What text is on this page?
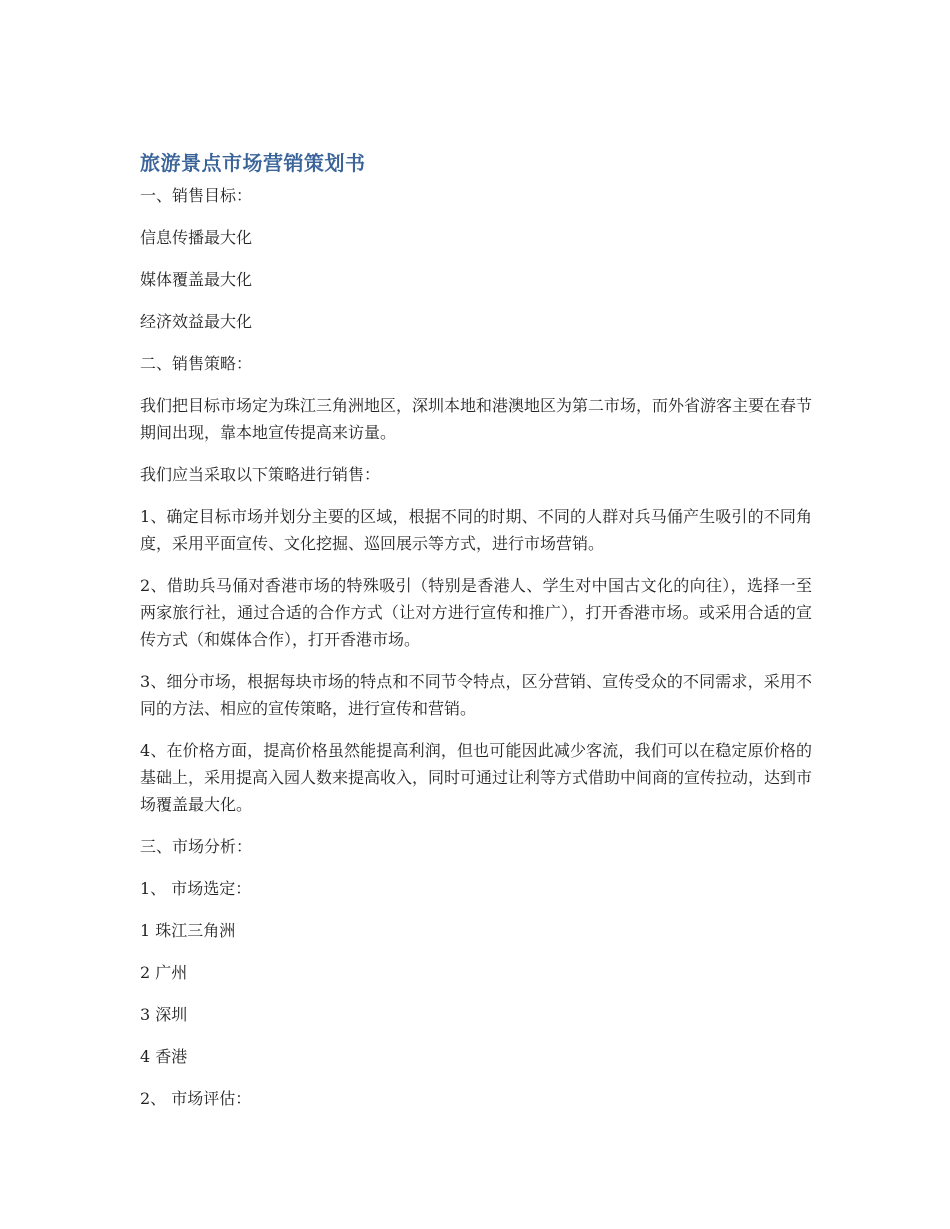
旅游景点市场营销策划书

一、销售目标：

信息传播最大化

媒体覆盖最大化

经济效益最大化

二、销售策略：

我们把目标市场定为珠江三角洲地区，深圳本地和港澳地区为第二市场，而外省游客主要在春节期间出现，靠本地宣传提高来访量。

我们应当采取以下策略进行销售：

1、确定目标市场并划分主要的区域，根据不同的时期、不同的人群对兵马俑产生吸引的不同角度，采用平面宣传、文化挖掘、巡回展示等方式，进行市场营销。

2、借助兵马俑对香港市场的特殊吸引（特别是香港人、学生对中国古文化的向往），选择一至两家旅行社，通过合适的合作方式（让对方进行宣传和推广），打开香港市场。或采用合适的宣传方式（和媒体合作），打开香港市场。

3、细分市场，根据每块市场的特点和不同节令特点，区分营销、宣传受众的不同需求，采用不同的方法、相应的宣传策略，进行宣传和营销。

4、在价格方面，提高价格虽然能提高利润，但也可能因此减少客流，我们可以在稳定原价格的基础上，采用提高入园人数来提高收入，同时可通过让利等方式借助中间商的宣传拉动，达到市场覆盖最大化。

三、市场分析：

1、 市场选定：

1 珠江三角洲

2 广州

3 深圳

4 香港

2、 市场评估：
